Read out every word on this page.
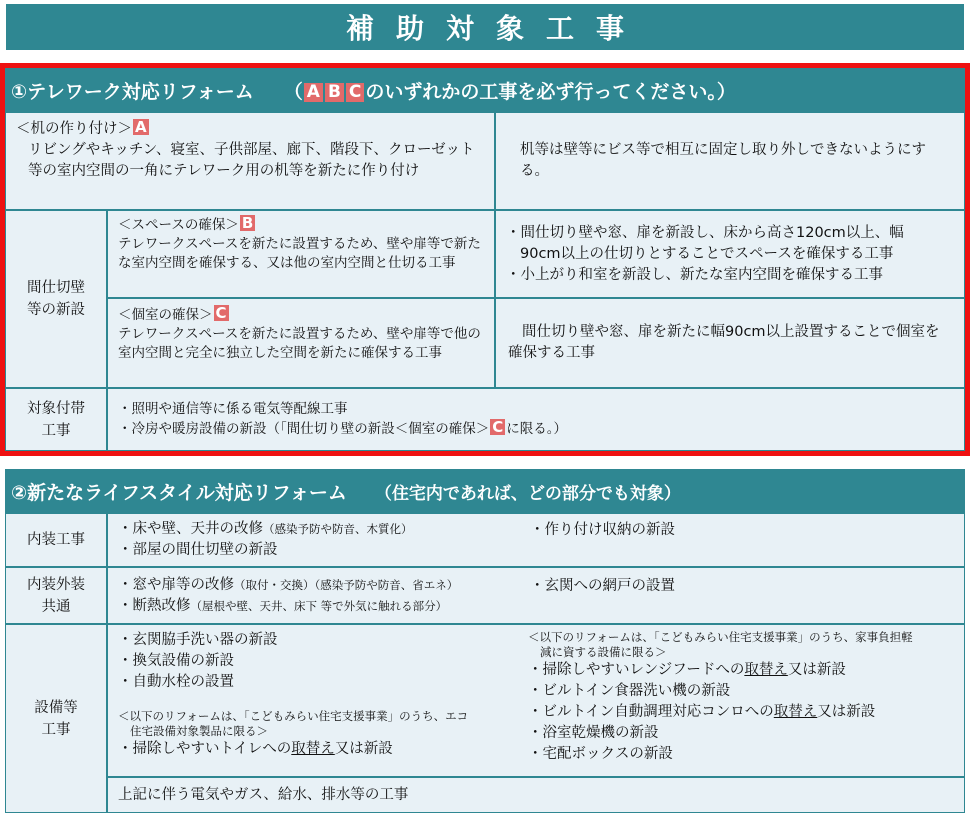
補助対象工事
①テレワーク対応リフォーム （ A B C のいずれかの工事を必ず行ってください。）
＜机の作り付け＞ A
リビングやキッチン、寝室、子供部屋、廊下、階段下、クローゼット等の室内空間の一角にテレワーク用の机等を新たに作り付け
机等は壁等にビス等で相互に固定し取り外しできないようにする。
間仕切壁
等の新設
＜スペースの確保＞ B
テレワークスペースを新たに設置するため、壁や扉等で新たな室内空間を確保する、又は他の室内空間と仕切る工事
・間仕切り壁や窓、扉を新設し、床から高さ120cm以上、幅
90cm以上の仕切りとすることでスペースを確保する工事
・小上がり和室を新設し、新たな室内空間を確保する工事
＜個室の確保＞ C
テレワークスペースを新たに設置するため、壁や扉等で他の室内空間と完全に独立した空間を新たに確保する工事
間仕切り壁や窓、扉を新たに幅90cm以上設置することで個室を確保する工事
対象付帯
工事
・照明や通信等に係る電気等配線工事
・冷房や暖房設備の新設（「間仕切り壁の新設＜個室の確保＞ C に限る。）
②新たなライフスタイル対応リフォーム （住宅内であれば、どの部分でも対象）
内装工事
・床や壁、天井の改修（感染予防や防音、木質化）
・部屋の間仕切壁の新設
・作り付け収納の新設
内装外装
共通
・窓や扉等の改修（取付・交換）（感染予防や防音、省エネ）
・断熱改修（屋根や壁、天井、床下 等で外気に触れる部分）
・玄関への網戸の設置
設備等
工事
・玄関脇手洗い器の新設
・換気設備の新設
・自動水栓の設置
＜以下のリフォームは、「こどもみらい住宅支援事業」のうち、エコ
住宅設備対象製品に限る＞
・掃除しやすいトイレへの取替え又は新設
＜以下のリフォームは、「こどもみらい住宅支援事業」のうち、家事負担軽
減に資する設備に限る＞
・掃除しやすいレンジフードへの取替え又は新設
・ビルトイン食器洗い機の新設
・ビルトイン自動調理対応コンロへの取替え又は新設
・浴室乾燥機の新設
・宅配ボックスの新設
上記に伴う電気やガス、給水、排水等の工事
